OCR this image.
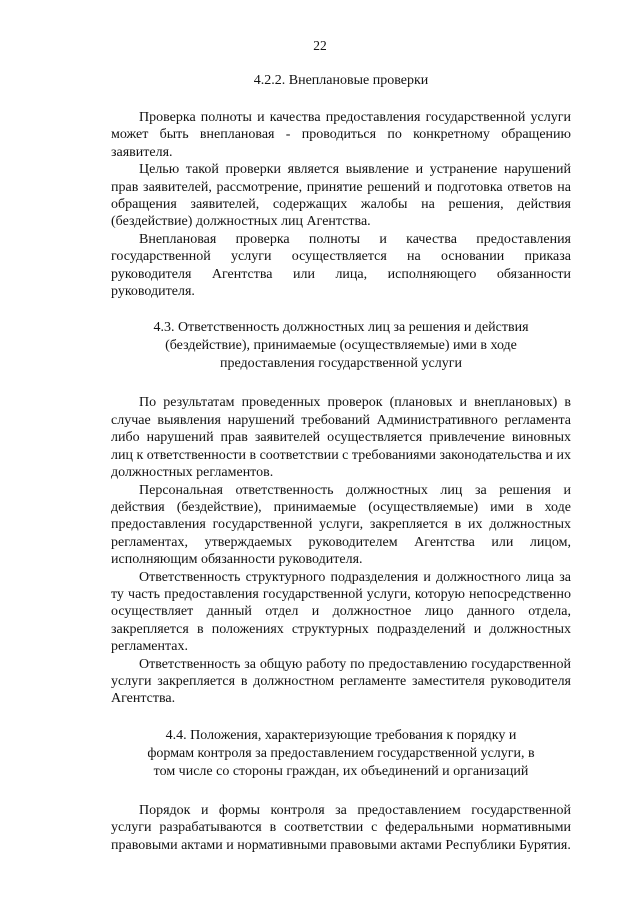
22

4.2.2. Внеплановые проверки

Проверка полноты и качества предоставления государственной услуги может быть внеплановая - проводиться по конкретному обращению заявителя.

Целью такой проверки является выявление и устранение нарушений прав заявителей, рассмотрение, принятие решений и подготовка ответов на обращения заявителей, содержащих жалобы на решения, действия (бездействие) должностных лиц Агентства.

Внеплановая проверка полноты и качества предоставления государственной услуги осуществляется на основании приказа руководителя Агентства или лица, исполняющего обязанности руководителя.

4.3. Ответственность должностных лиц за решения и действия
(бездействие), принимаемые (осуществляемые) ими в ходе
предоставления государственной услуги

По результатам проведенных проверок (плановых и внеплановых) в случае выявления нарушений требований Административного регламента либо нарушений прав заявителей осуществляется привлечение виновных лиц к ответственности в соответствии с требованиями законодательства и их должностных регламентов.

Персональная ответственность должностных лиц за решения и действия (бездействие), принимаемые (осуществляемые) ими в ходе предоставления государственной услуги, закрепляется в их должностных регламентах, утверждаемых руководителем Агентства или лицом, исполняющим обязанности руководителя.

Ответственность структурного подразделения и должностного лица за ту часть предоставления государственной услуги, которую непосредственно осуществляет данный отдел и должностное лицо данного отдела, закрепляется в положениях структурных подразделений и должностных регламентах.

Ответственность за общую работу по предоставлению государственной услуги закрепляется в должностном регламенте заместителя руководителя Агентства.

4.4. Положения, характеризующие требования к порядку и
формам контроля за предоставлением государственной услуги, в
том числе со стороны граждан, их объединений и организаций

Порядок и формы контроля за предоставлением государственной услуги разрабатываются в соответствии с федеральными нормативными правовыми актами и нормативными правовыми актами Республики Бурятия.
